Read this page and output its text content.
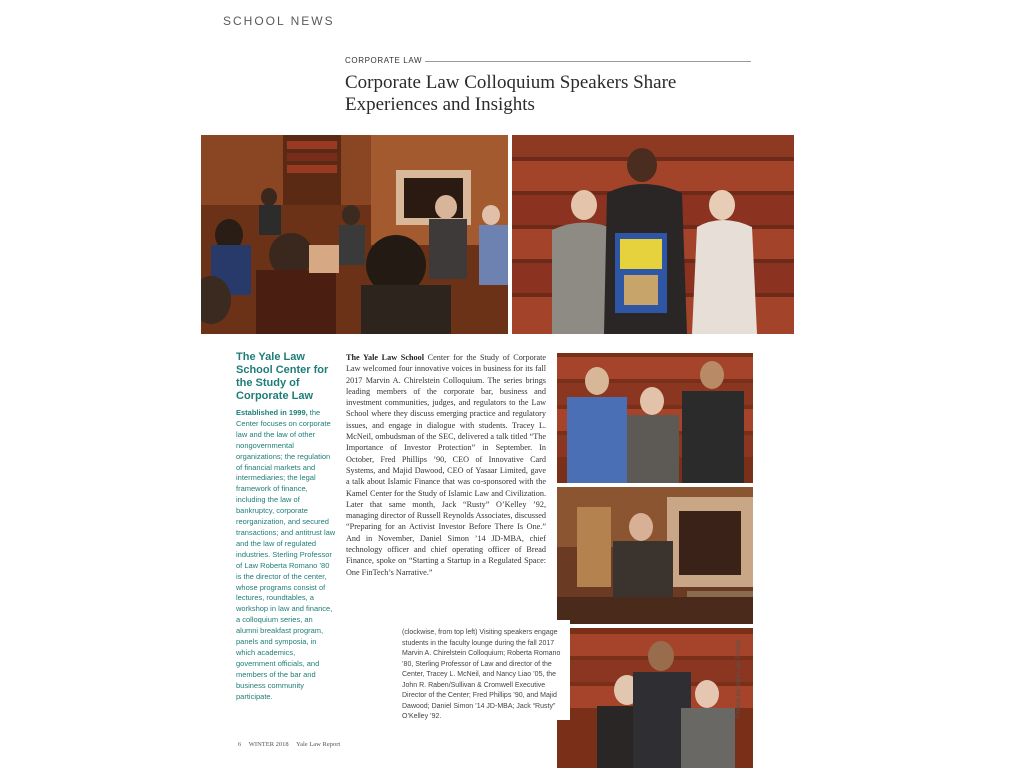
SCHOOL NEWS
CORPORATE LAW
Corporate Law Colloquium Speakers Share Experiences and Insights
The Yale Law School Center for the Study of Corporate Law

Established in 1999, the Center focuses on corporate law and the law of other nongovernmental organizations; the regulation of financial markets and intermediaries; the legal framework of finance, including the law of bankruptcy, corporate reorganization, and secured transactions; and antitrust law and the law of regulated industries. Sterling Professor of Law Roberta Romano ’80 is the director of the center, whose programs consist of lectures, roundtables, a workshop in law and finance, a colloquium series, an alumni breakfast program, panels and symposia, in which academics, government officials, and members of the bar and business community participate.

The Yale Law School Center for the Study of Corporate Law welcomed four innovative voices in business for its fall 2017 Marvin A. Chirelstein Colloquium. The series brings leading members of the corporate bar, business and investment communities, judges, and regulators to the Law School where they discuss emerging practice and regulatory issues, and engage in dialogue with students. Tracey L. McNeil, ombudsman of the SEC, delivered a talk titled “The Importance of Investor Protection” in September. In October, Fred Phillips ’90, CEO of Innovative Card Systems, and Majid Dawood, CEO of Yasaar Limited, gave a talk about Islamic Finance that was co-sponsored with the Kamel Center for the Study of Islamic Law and Civilization. Later that same month, Jack “Rusty” O’Kelley ’92, managing director of Russell Reynolds Associates, discussed “Preparing for an Activist Investor Before There Is One.” And in November, Daniel Simon ’14 JD-MBA, chief technology officer and chief operating officer of Bread Finance, spoke on “Starting a Startup in a Regulated Space: One FinTech’s Narrative.”

(clockwise, from top left) Visiting speakers engage students in the faculty lounge during the fall 2017 Marvin A. Chirelstein Colloquium; Roberta Romano ’80, Sterling Professor of Law and director of the Center, Tracey L. McNeil, and Nancy Liao ’05, the John R. Raben/Sullivan & Cromwell Executive Director of the Center; Fred Phillips ’90, and Majid Dawood; Daniel Simon ’14 JD-MBA; Jack “Rusty” O’Kelley ’92.	Photos by Yale Law School
6 WINTER 2018 Yale Law Report
